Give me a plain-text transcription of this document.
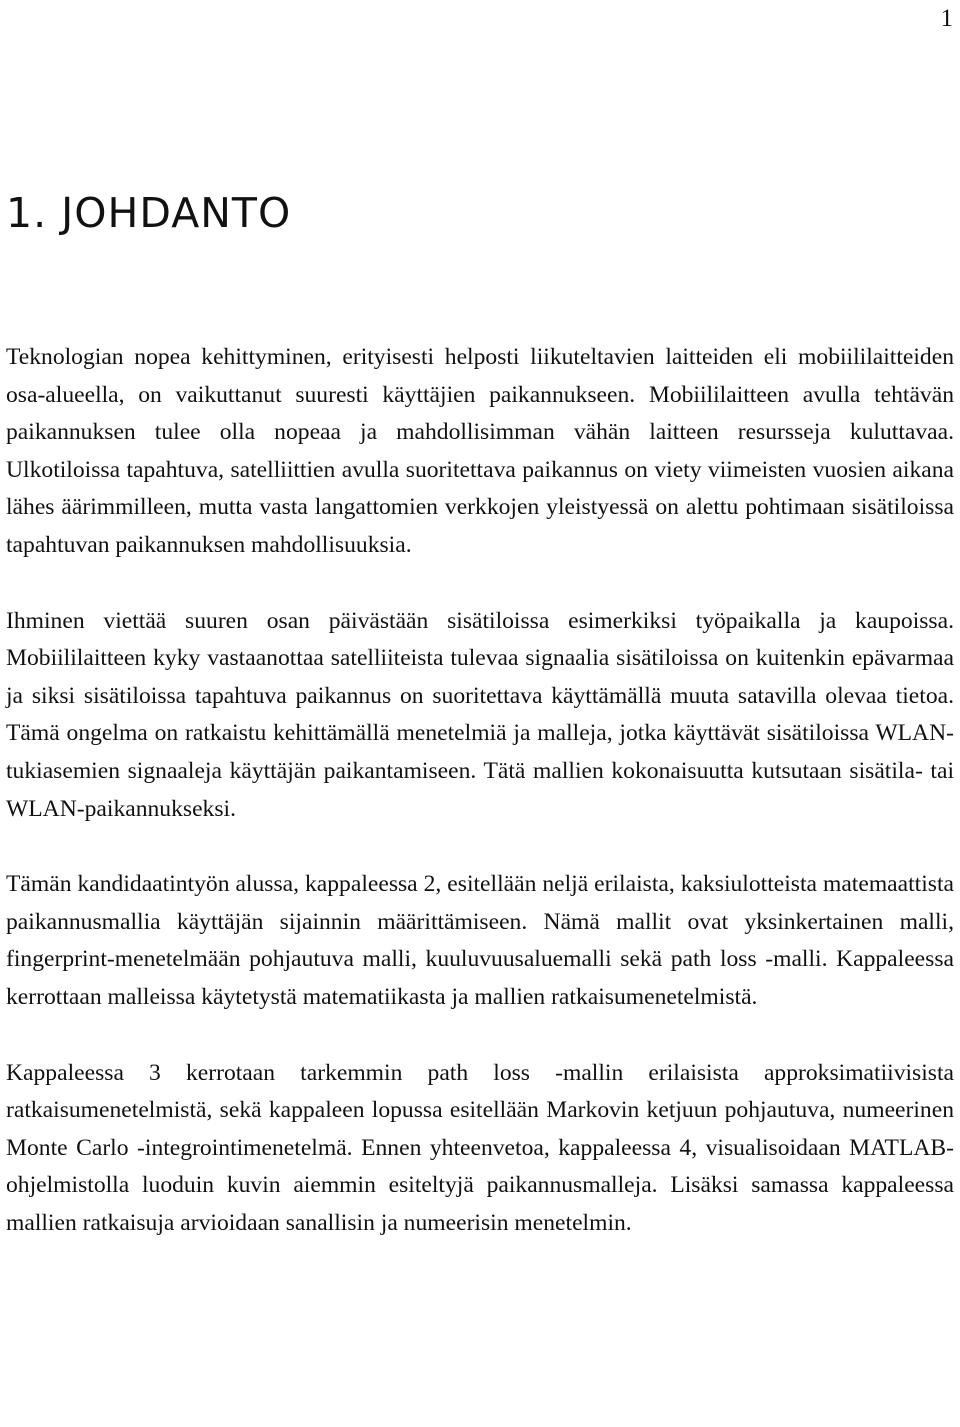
1
1. JOHDANTO

Teknologian nopea kehittyminen, erityisesti helposti liikuteltavien laitteiden eli mobiililaitteiden osa-alueella, on vaikuttanut suuresti käyttäjien paikannukseen. Mobiililaitteen avulla tehtävän paikannuksen tulee olla nopeaa ja mahdollisimman vähän laitteen resursseja kuluttavaa. Ulkotiloissa tapahtuva, satelliittien avulla suoritettava paikannus on viety viimeisten vuosien aikana lähes äärimmilleen, mutta vasta langattomien verkkojen yleistyessä on alettu pohtimaan sisätiloissa tapahtuvan paikannuksen mahdollisuuksia.

Ihminen viettää suuren osan päivästään sisätiloissa esimerkiksi työpaikalla ja kaupoissa. Mobiililaitteen kyky vastaanottaa satelliiteista tulevaa signaalia sisätiloissa on kuitenkin epävarmaa ja siksi sisätiloissa tapahtuva paikannus on suoritettava käyttämällä muuta satavilla olevaa tietoa. Tämä ongelma on ratkaistu kehittämällä menetelmiä ja malleja, jotka käyttävät sisätiloissa WLAN-tukiasemien signaaleja käyttäjän paikantamiseen. Tätä mallien kokonaisuutta kutsutaan sisätila- tai WLAN-paikannukseksi.

Tämän kandidaatintyön alussa, kappaleessa 2, esitellään neljä erilaista, kaksiulotteista matemaattista paikannusmallia käyttäjän sijainnin määrittämiseen. Nämä mallit ovat yksinkertainen malli, fingerprint-menetelmään pohjautuva malli, kuuluvuusaluemalli sekä path loss -malli. Kappaleessa kerrottaan malleissa käytetystä matematiikasta ja mallien ratkaisumenetelmistä.

Kappaleessa 3 kerrotaan tarkemmin path loss -mallin erilaisista approksimatiivisista ratkaisumenetelmistä, sekä kappaleen lopussa esitellään Markovin ketjuun pohjautuva, numeerinen Monte Carlo -integrointimenetelmä. Ennen yhteenvetoa, kappaleessa 4, visualisoidaan MATLAB-ohjelmistolla luoduin kuvin aiemmin esiteltyjä paikannusmalleja. Lisäksi samassa kappaleessa mallien ratkaisuja arvioidaan sanallisin ja numeerisin menetelmin.
